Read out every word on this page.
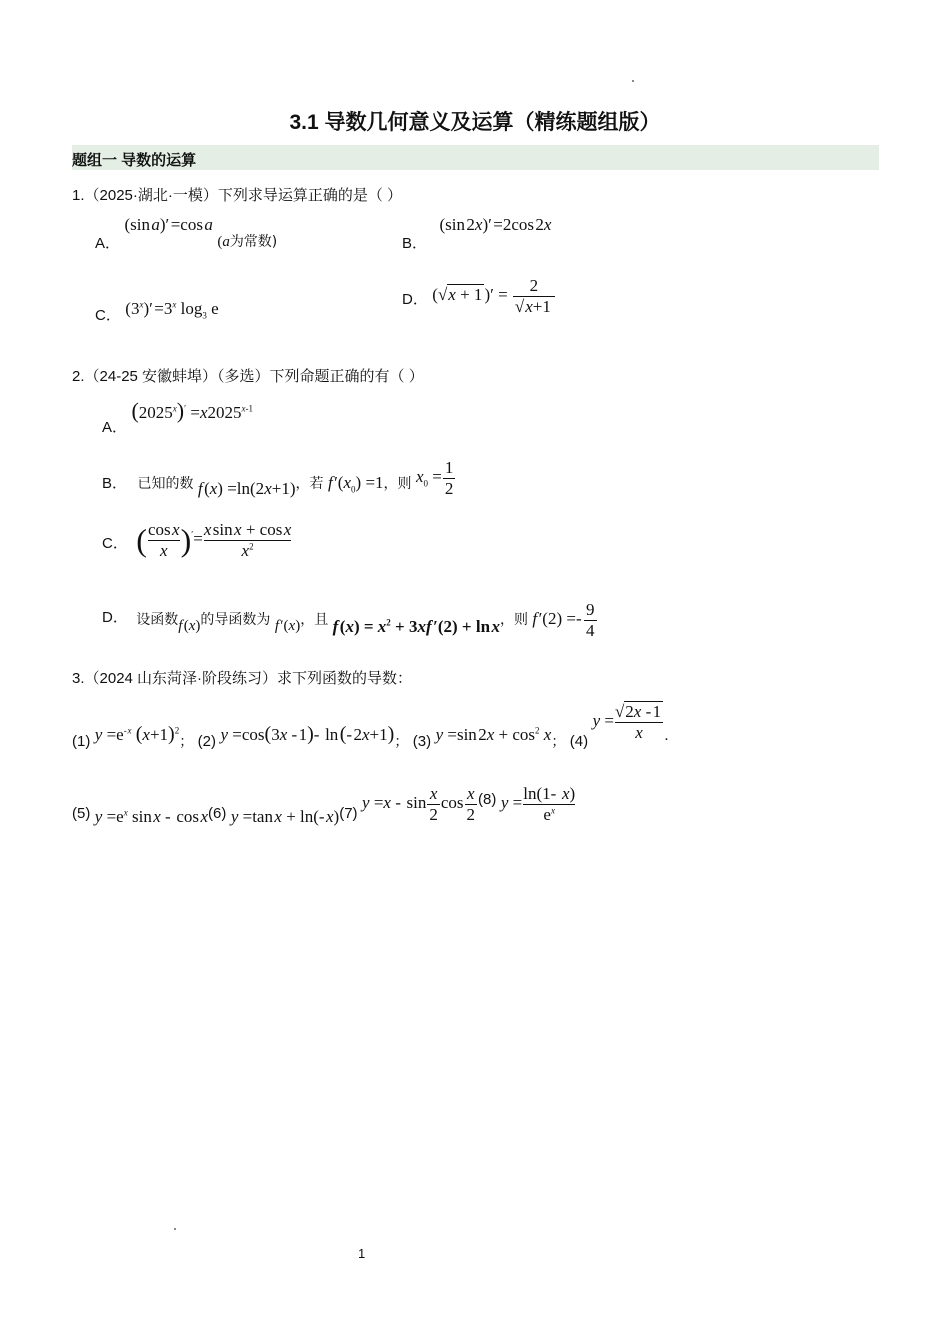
3.1 导数几何意义及运算（精练题组版）
题组一 导数的运算
1.（2025·湖北·一模）下列求导运算正确的是（ ）
A． (sin a)′ =cos a (a为常数)	B． (sin 2x)′ =2cos 2x
C． $(3^x)'$ $=3^x$ $\log_3 e$	D． (√x + 1 )′ = $\frac{2}{√x+1}$
2.（24-25 安徽蚌埠）（多选）下列命题正确的有（ ）
A． $(2025^x)' =x2025^{x-1}$
B． 已知的数 f (x) =ln(2x+1)，若 f $'(x_0) =1$，则 $x_0 = \frac{1}{2}$
C． ( $\frac{\text{cos x}}{x} )'= \frac{\text{x sin x + cos x}}{x^2}$
D． 设函数f (x)的导函数为 f ′(x)，且 f $(x) = x^2 + 3xf$ ′(2) + ln x，则 f ′(2) =-  $\frac{9}{4}$
3.（2024 山东菏泽·阶段练习）求下列函数的导数：
(1) $y =e^{- x}$ $(x+1)^2$； (2) y =cos(3x - 1)-  ln (- 2x+1)； (3) y =sin $2x + \cos^2 x$； (4) $y = \frac{√2x - 1}{x}$ .
(5) $y =e^x$ sin x -  cos x(6) y =tan x + ln(- x)(7) y =x -  $\sin \frac{x}{2}$ $\cos \frac{x}{2} (8) y = \frac{\ln(1- x)}{e^x}$
1
